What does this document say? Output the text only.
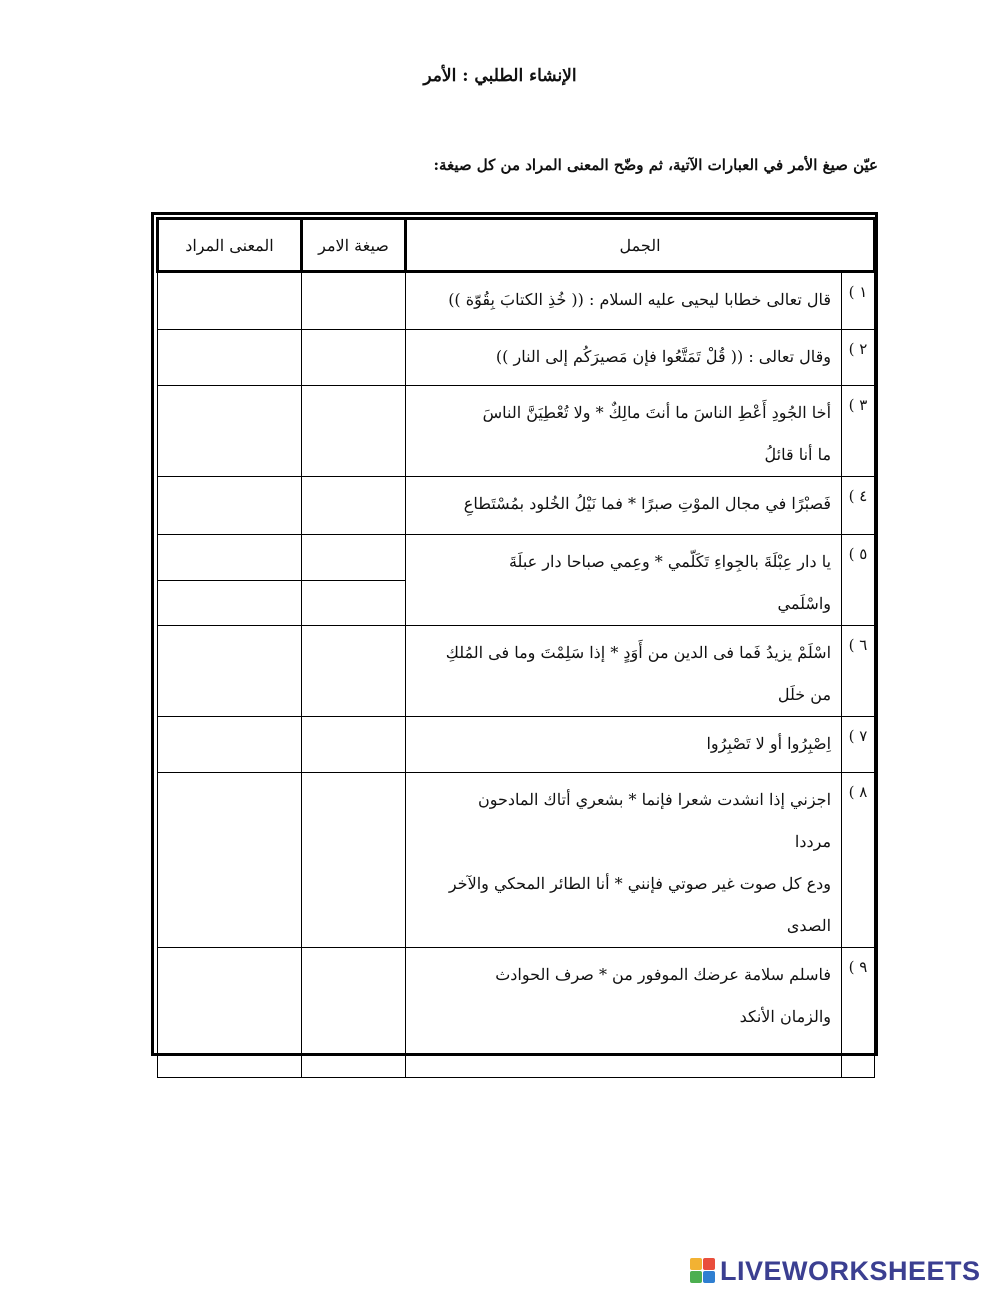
الإنشاء الطلبي : الأمر
عيّن صيغ الأمر في العبارات الآتية، ثم وضّح المعنى المراد من كل صيغة:
الجمل		صيغة الامر	المعنى المراد
١ )	قال تعالى خطابا ليحيى عليه السلام : (( خُذِ الكتابَ بِقُوّة ))		

٢ )	وقال تعالى : (( قُلْ تَمَتَّعُوا فإن مَصيرَكُم إلى النار ))		

٣ )	أخا الجُودِ أَعْطِ الناسَ ما أنتَ مالِكٌ * ولا تُعْطِيَنَّ الناسَ
ما أنا قائلُ		

٤ )	فَصبْرًا في مجال الموْتِ صبرًا * فما نَيْلُ الخُلود بمُسْتَطاعِ		

٥ )	يا دار عِبْلَةَ بالجِواءِ تَكَلّمي * وعِمي صباحا دار عبلَةَ
واسْلَمي		

٦ )	اسْلَمْ يزيدُ فَما فى الدين من أَوَدٍ * إذا سَلِمْتَ وما فى المُلكِ
من خلَل		

٧ )	اِصْبِرُوا أو لا تَصْبِرُوا		

٨ )	اجزني إذا انشدت شعرا فإنما * بشعري أتاك المادحون
مرددا
ودع كل صوت غير صوتي فإنني * أنا الطائر المحكي والآخر
الصدى		

٩ )	فاسلم سلامة عرضك الموفور من * صرف الحوادث
والزمان الأنكد		

LIVEWORKSHEETS
